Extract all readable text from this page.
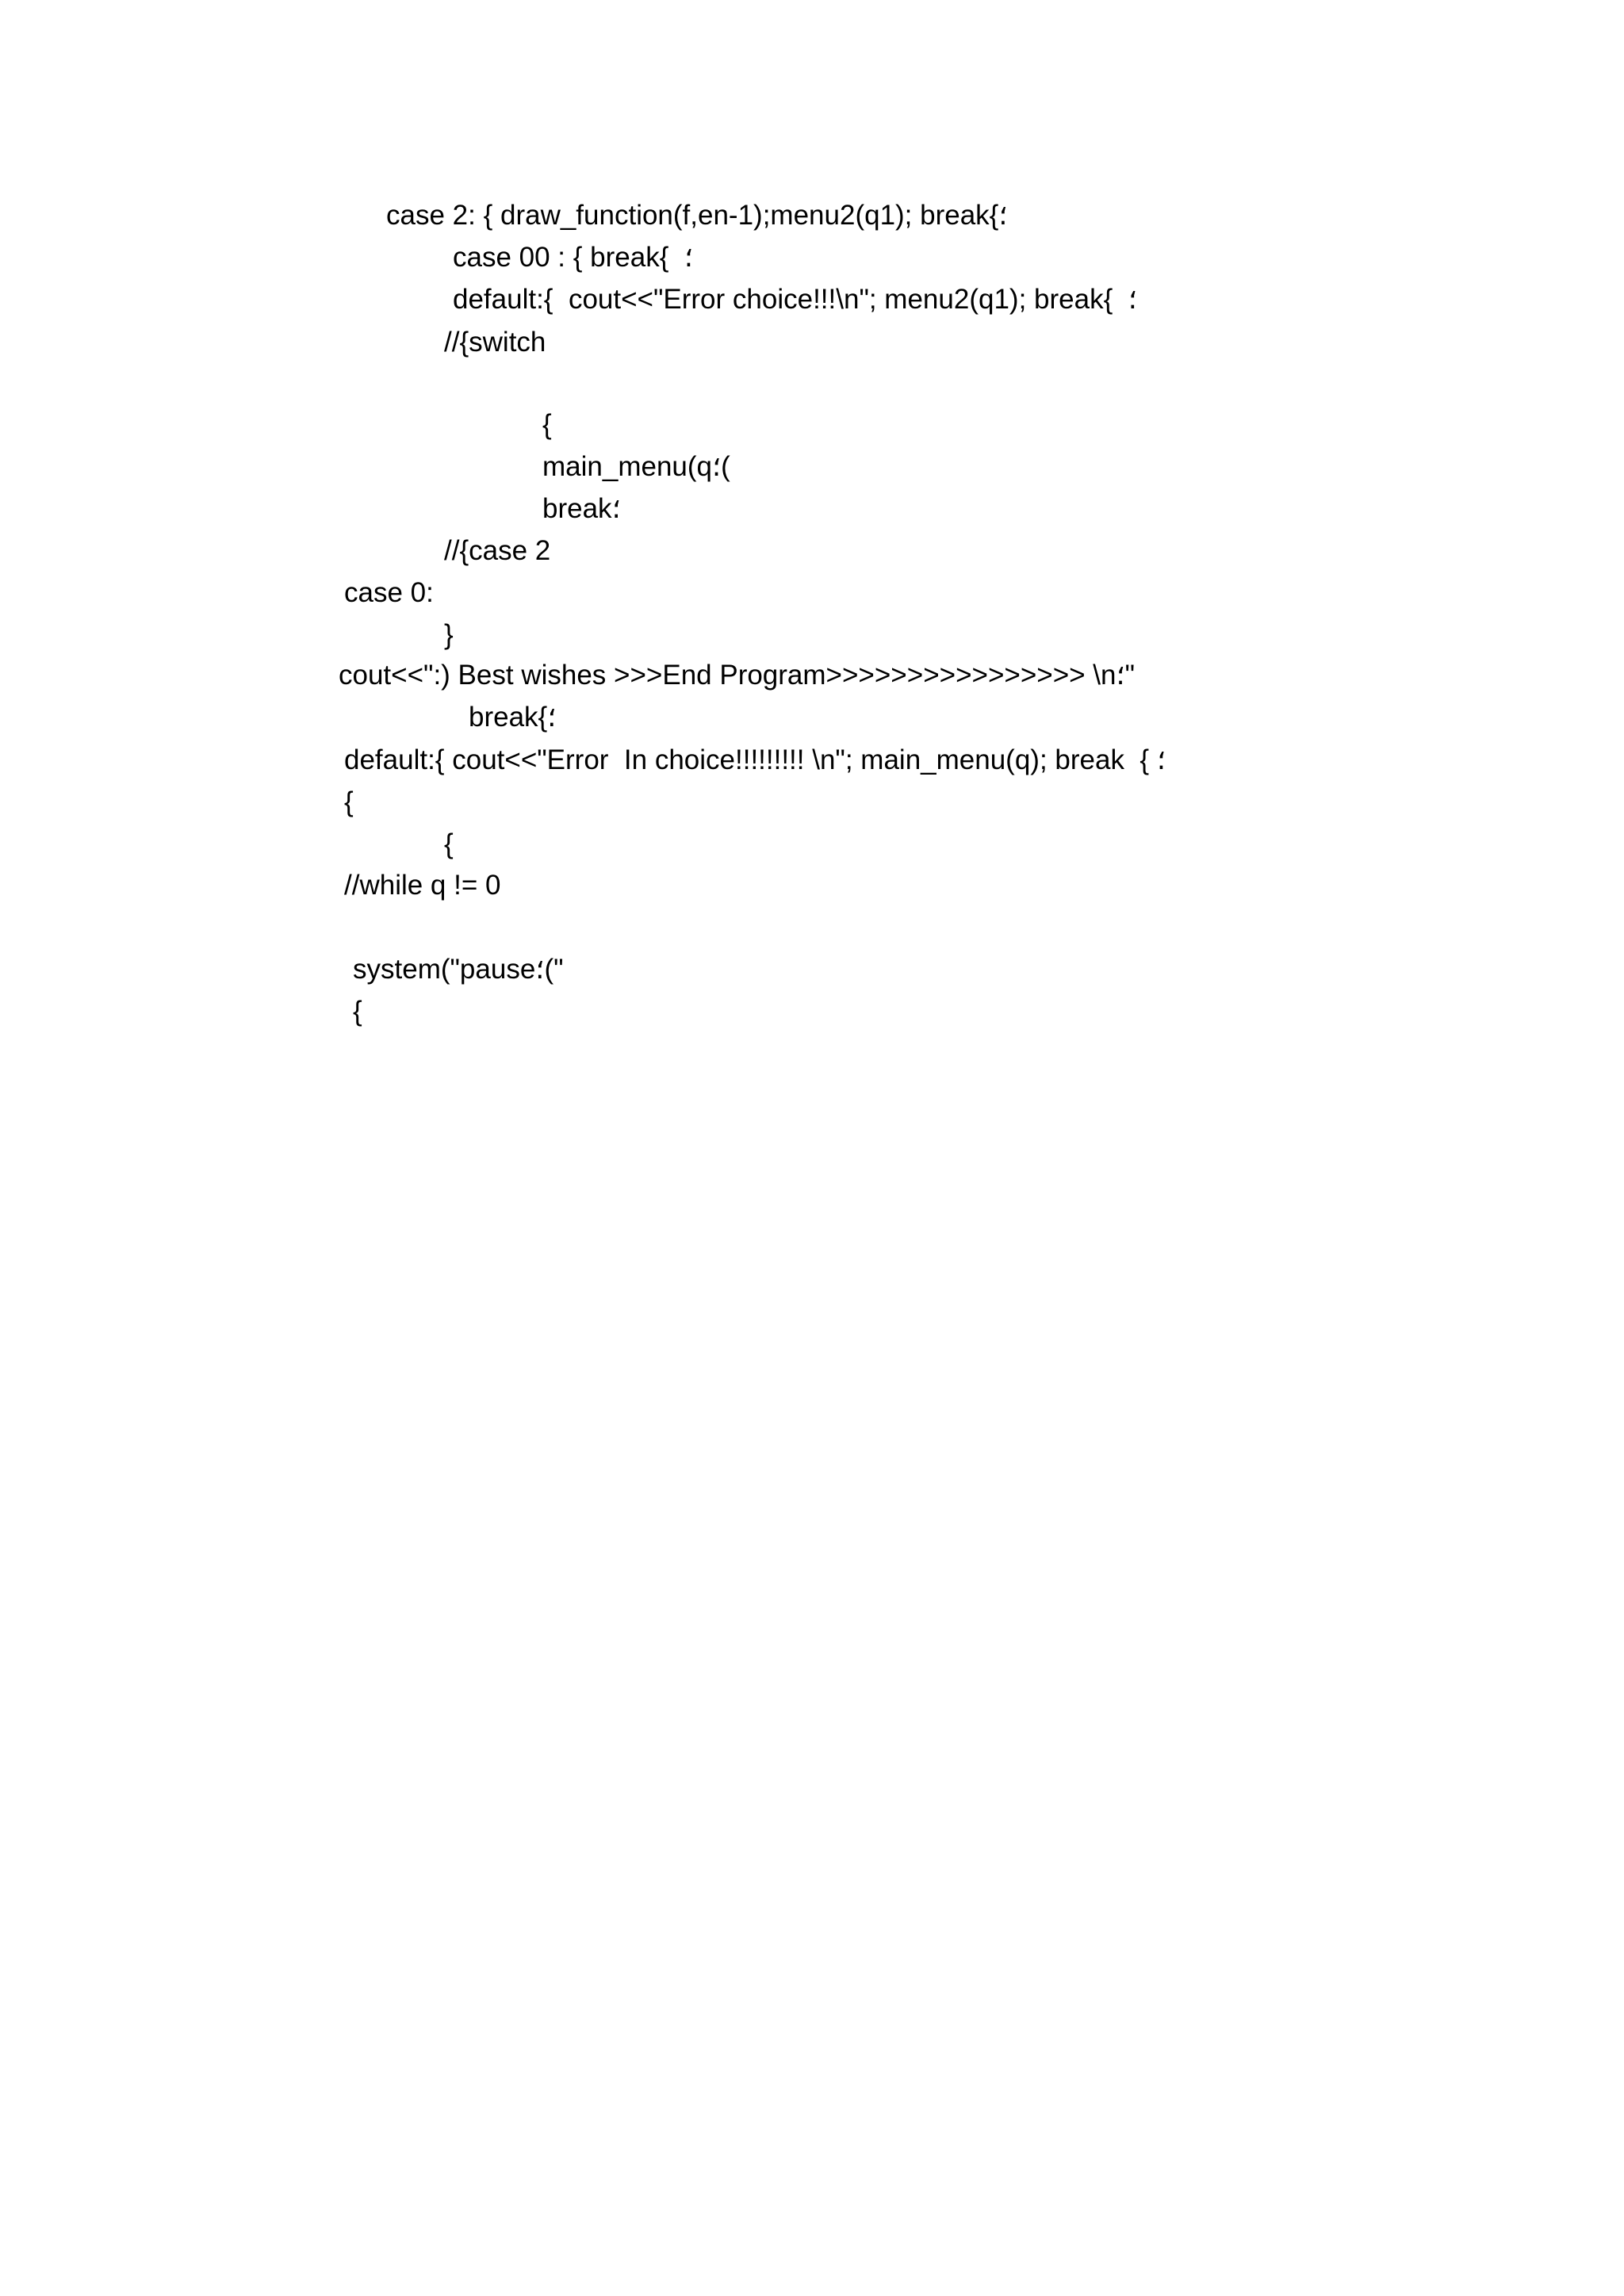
case 2: { draw_function(f,en-1);menu2(q1); break{؛

case 00 : { break{  ؛

default:{  cout<<"Error choice!!!\n"; menu2(q1); break{  ؛

//{switch

{

main_menu(q؛(

break؛

//{case 2

case 0:

}

cout<<":) Best wishes >>>End Program>>>>>>>>>>>>>>>> \n؛"

break{؛

default:{ cout<<"Error  In choice!!!!!!!!! \n"; main_menu(q); break  { ؛

{

{

//while q != 0

system("pause؛("

{
